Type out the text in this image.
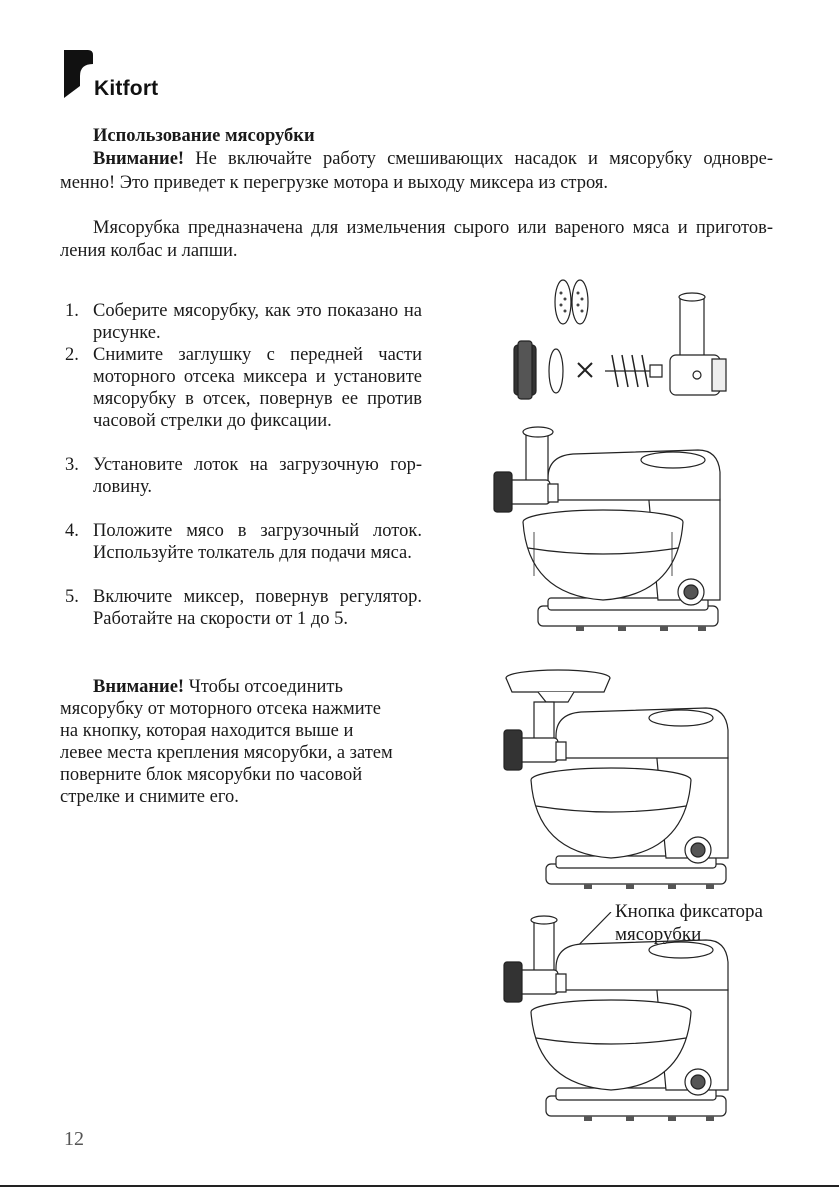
Kitfort
Использование мясорубки
Внимание! Не включайте работу смешивающих насадок и мясорубку одновре-
менно! Это приведет к перегрузке мотора и выходу миксера из строя.
Мясорубка предназначена для измельчения сырого или вареного мяса и приготов-
ления колбас и лапши.
1. Соберите мясорубку, как это показано на рисунке.
2. Снимите заглушку с передней части моторного отсека миксера и установите мясорубку в отсек, повернув ее против часовой стрелки до фиксации.
3. Установите лоток на загрузочную гор-ловину.
4. Положите мясо в загрузочный лоток. Используйте толкатель для подачи мяса.
5. Включите миксер, повернув регулятор. Работайте на скорости от 1 до 5.
Внимание! Чтобы отсоединить
мясорубку от моторного отсека нажмите
на кнопку, которая находится выше и
левее места крепления мясорубки, а затем
поверните блок мясорубки по часовой
стрелке и снимите его.
Кнопка фиксатора
мясорубки
12
